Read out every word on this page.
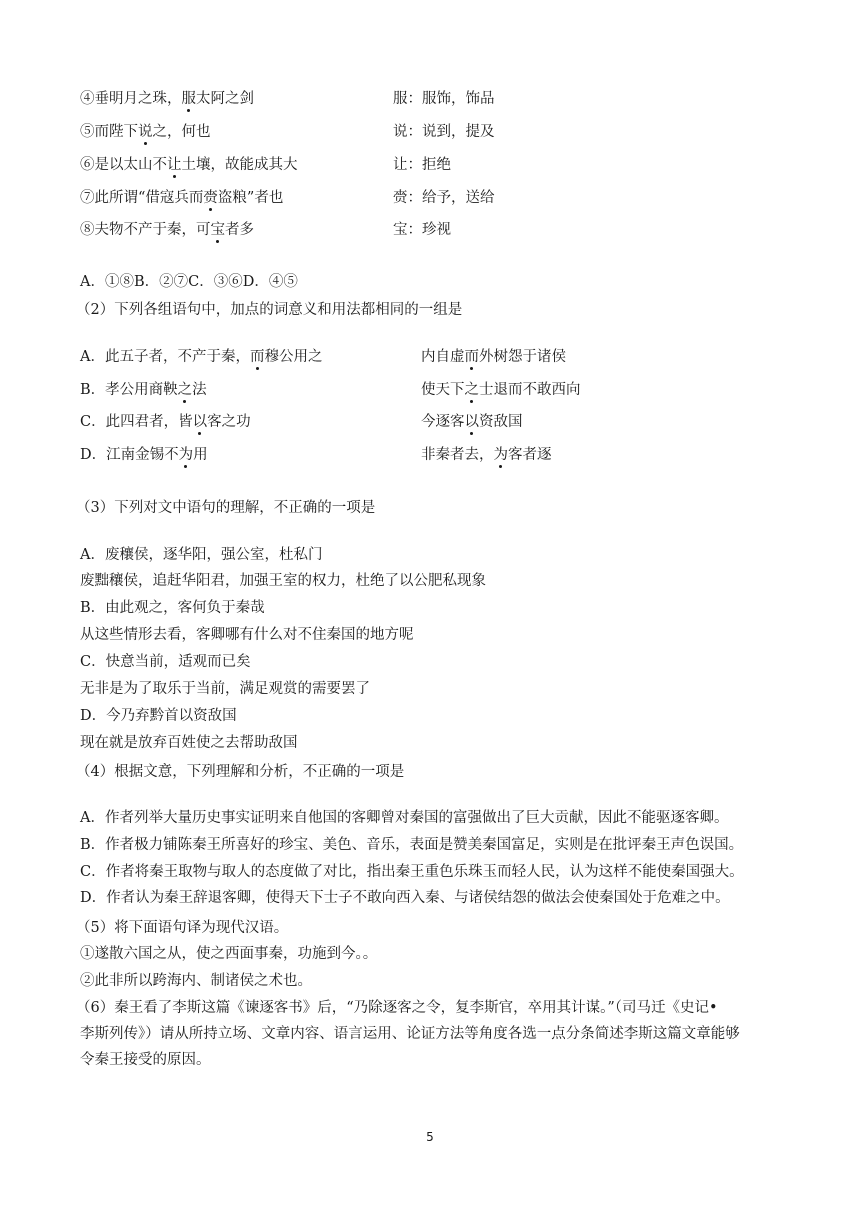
④垂明月之珠，服太阿之剑	服：服饰，饰品
⑤而陛下说之，何也	说：说到，提及
⑥是以太山不让土壤，故能成其大	让：拒绝
⑦此所谓“借寇兵而赍盗粮”者也	赍：给予，送给
⑧夫物不产于秦，可宝者多	宝：珍视
A．①⑧B．②⑦C．③⑥D．④⑤
（2）下列各组语句中，加点的词意义和用法都相同的一组是
A．此五子者，不产于秦，而穆公用之	内自虚而外树怨于诸侯
B．孝公用商鞅之法	使天下之士退而不敢西向
C．此四君者，皆以客之功	今逐客以资敌国
D．江南金锡不为用	非秦者去，为客者逐
（3）下列对文中语句的理解，不正确的一项是
A．废穰侯，逐华阳，强公室，杜私门
废黜穰侯，追赶华阳君，加强王室的权力，杜绝了以公肥私现象
B．由此观之，客何负于秦哉
从这些情形去看，客卿哪有什么对不住秦国的地方呢
C．快意当前，适观而已矣
无非是为了取乐于当前，满足观赏的需要罢了
D．今乃弃黔首以资敌国
现在就是放弃百姓使之去帮助敌国
（4）根据文意，下列理解和分析，不正确的一项是
A．作者列举大量历史事实证明来自他国的客卿曾对秦国的富强做出了巨大贡献，因此不能驱逐客卿。
B．作者极力铺陈秦王所喜好的珍宝、美色、音乐，表面是赞美秦国富足，实则是在批评秦王声色误国。
C．作者将秦王取物与取人的态度做了对比，指出秦王重色乐珠玉而轻人民，认为这样不能使秦国强大。
D．作者认为秦王辞退客卿，使得天下士子不敢向西入秦、与诸侯结怨的做法会使秦国处于危难之中。
（5）将下面语句译为现代汉语。
①遂散六国之从，使之西面事秦，功施到今。。
②此非所以跨海内、制诸侯之术也。
（6）秦王看了李斯这篇《谏逐客书》后，“乃除逐客之令，复李斯官，卒用其计谋。”（司马迁《史记•
李斯列传》）请从所持立场、文章内容、语言运用、论证方法等角度各选一点分条简述李斯这篇文章能够
令秦王接受的原因。
5
